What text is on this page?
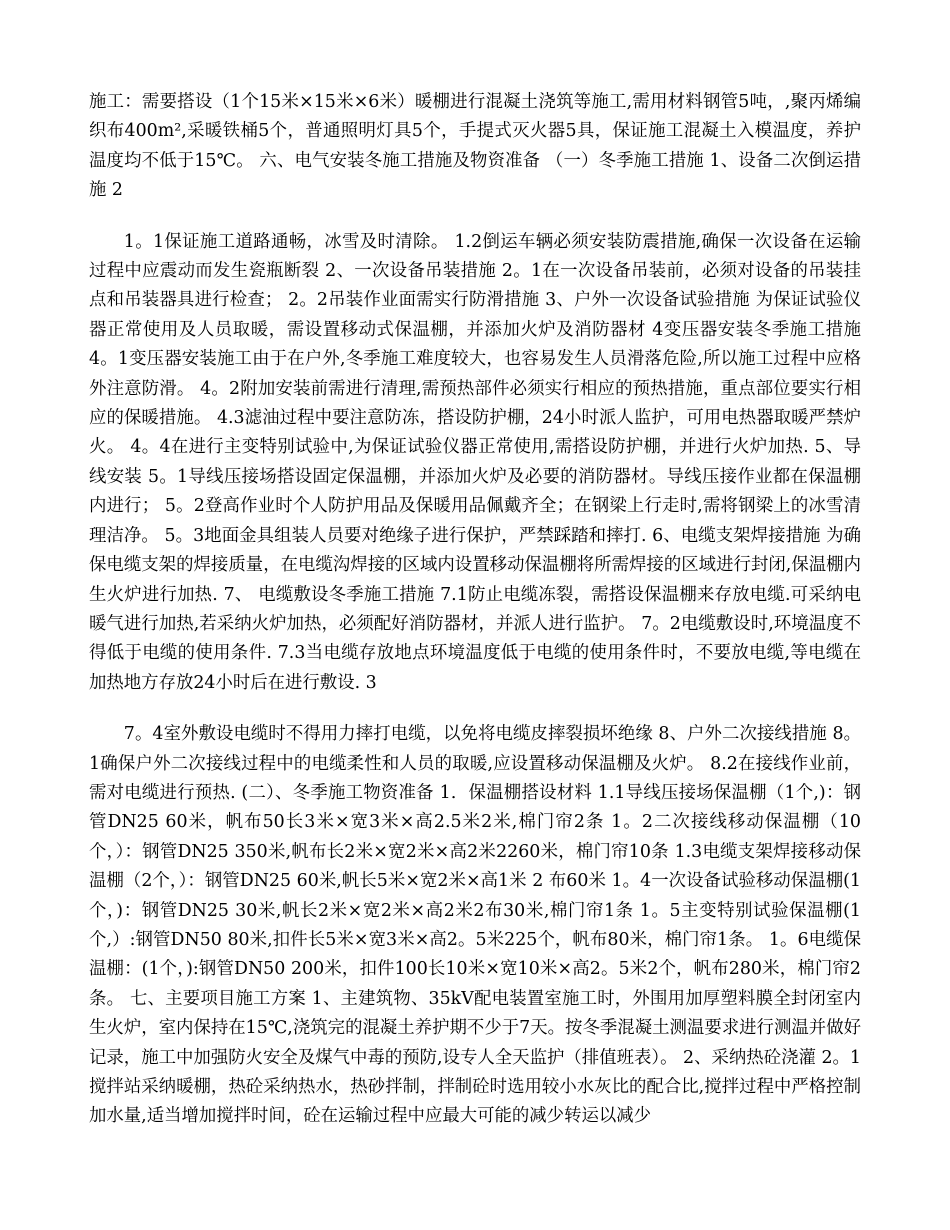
施工：需要搭设（1个15米×15米×6米）暖棚进行混凝土浇筑等施工,需用材料钢管5吨，,聚丙烯编织布400m²,采暖铁桶5个，普通照明灯具5个，手提式灭火器5具，保证施工混凝土入模温度，养护温度均不低于15℃。 六、电气安装冬施工措施及物资准备 （一）冬季施工措施 1、设备二次倒运措施 2

1。1保证施工道路通畅，冰雪及时清除。 1.2倒运车辆必须安装防震措施,确保一次设备在运输过程中应震动而发生瓷瓶断裂 2、一次设备吊装措施 2。1在一次设备吊装前，必须对设备的吊装挂点和吊装器具进行检查； 2。2吊装作业面需实行防滑措施 3、户外一次设备试验措施 为保证试验仪器正常使用及人员取暖，需设置移动式保温棚，并添加火炉及消防器材 4变压器安装冬季施工措施 4。1变压器安装施工由于在户外,冬季施工难度较大，也容易发生人员滑落危险,所以施工过程中应格外注意防滑。 4。2附加安装前需进行清理,需预热部件必须实行相应的预热措施，重点部位要实行相应的保暖措施。 4.3滤油过程中要注意防冻，搭设防护棚，24小时派人监护，可用电热器取暖严禁炉火。 4。4在进行主变特别试验中,为保证试验仪器正常使用,需搭设防护棚，并进行火炉加热. 5、导线安装 5。1导线压接场搭设固定保温棚，并添加火炉及必要的消防器材。导线压接作业都在保温棚内进行； 5。2登高作业时个人防护用品及保暖用品佩戴齐全；在钢梁上行走时,需将钢梁上的冰雪清理洁净。 5。3地面金具组装人员要对绝缘子进行保护，严禁踩踏和摔打. 6、电缆支架焊接措施 为确保电缆支架的焊接质量，在电缆沟焊接的区域内设置移动保温棚将所需焊接的区域进行封闭,保温棚内生火炉进行加热. 7、 电缆敷设冬季施工措施 7.1防止电缆冻裂，需搭设保温棚来存放电缆.可采纳电暖气进行加热,若采纳火炉加热，必须配好消防器材，并派人进行监护。 7。2电缆敷设时,环境温度不得低于电缆的使用条件. 7.3当电缆存放地点环境温度低于电缆的使用条件时，不要放电缆,等电缆在加热地方存放24小时后在进行敷设. 3

7。4室外敷设电缆时不得用力摔打电缆，以免将电缆皮摔裂损坏绝缘 8、户外二次接线措施 8。1确保户外二次接线过程中的电缆柔性和人员的取暖,应设置移动保温棚及火炉。 8.2在接线作业前，需对电缆进行预热. (二）、冬季施工物资准备 1．保温棚搭设材料 1.1导线压接场保温棚（1个,)：钢管DN25 60米，帆布50长3米×宽3米×高2.5米2米,棉门帘2条 1。2二次接线移动保温棚（10个，）：钢管DN25 350米,帆布长2米×宽2米×高2米2260米，棉门帘10条 1.3电缆支架焊接移动保温棚（2个，）：钢管DN25 60米,帆长5米×宽2米×高1米 2 布60米 1。4一次设备试验移动保温棚(1个，)：钢管DN25 30米,帆长2米×宽2米×高2米2布30米,棉门帘1条 1。5主变特别试验保温棚(1个,）:钢管DN50 80米,扣件长5米×宽3米×高2。5米225个，帆布80米，棉门帘1条。 1。6电缆保温棚：(1个，):钢管DN50 200米，扣件100长10米×宽10米×高2。5米2个，帆布280米，棉门帘2条。 七、主要项目施工方案 1、主建筑物、35kV配电装置室施工时，外围用加厚塑料膜全封闭室内生火炉，室内保持在15℃,浇筑完的混凝土养护期不少于7天。按冬季混凝土测温要求进行测温并做好记录，施工中加强防火安全及煤气中毒的预防,设专人全天监护（排值班表）。 2、采纳热砼浇灌 2。1搅拌站采纳暖棚，热砼采纳热水，热砂拌制，拌制砼时选用较小水灰比的配合比,搅拌过程中严格控制加水量,适当增加搅拌时间，砼在运输过程中应最大可能的减少转运以减少
